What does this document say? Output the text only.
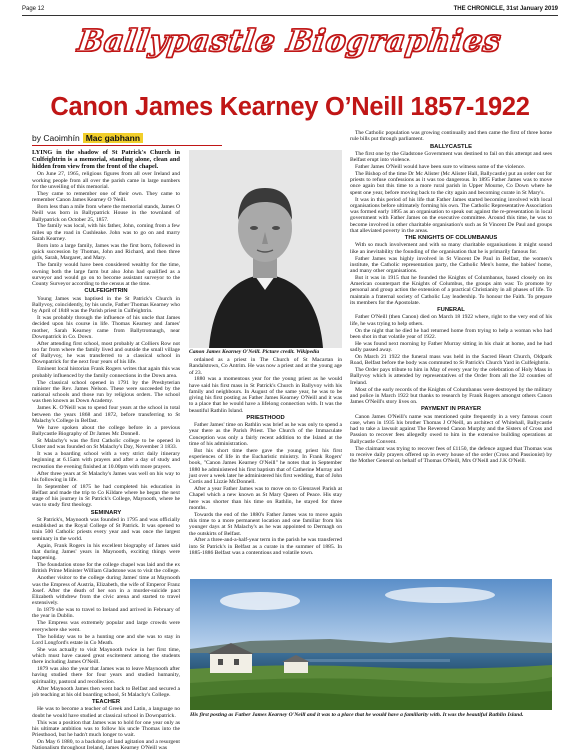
Page 12	THE CHRONICLE, 31st January 2019
Ballypastle Biographies
Canon James Kearney O’Neill 1857-1922
by Caoimhín Mac gabhann

LYING in the shadow of St Patrick's Church in Culfeightrin is a memorial, standing alone, clean and hidden from view from the front of the chapel.

On June 27, 1965, religious figures from all over Ireland and working people from all over the parish came in large numbers for the unveiling of this memorial.

They came to remember one of their own. They came to remember Canon James Kearney O 'Neill.

Born less than a mile from where the memorial stands, James O Neill was born in Ballypatrick House in the townland of Ballypatrick on October 25, 1857.

The family was local, with his father, John, coming from a few miles up the road in Cushleake. John was to go on and marry Sarah Kearney.

Born into a large family, James was the first born, followed in quick succession by Thomas, John and Richard, and then three girls, Sarah, Margaret, and Mary.

The family would have been considered wealthy for the time, owning both the large farm but also John had qualified as a surveyor and would go on to become assistant surveyor to the County Surveyor according to the census at the time.

CULFEIGHTRIN

Young James was baptised in the St Patrick's Church in Ballyvoy, coincidently, by his uncle, Father Thomas Kearney who by April of 1848 was the Parish priest in Culfeightrin.

It was probably through the influence of his uncle that James decided upon his course in life. Thomas Kearney and James' mother, Sarah Kearney came from Ballytromaugh, near Downpatrick in Co. Down.

After attending first school, most probably at Colliers Row not too far from where the family lived and outside the small village of Ballyvoy, he was transferred to a classical school in Downpatrick for the next four years of his life.

Eminent local historian Frank Rogers writes that again this was probably influenced by the family connections in the Down area.

The classical school opened in 1791 by the Presbyterian minister the Rev. James Nelson. These were succeeded by the national schools and those run by religious orders. The school was then known as Down Academy.

James K. O'Neill was to spend four years at the school in total between the years 1868 and 1872, before transferring to St Malachy's College in Belfast.

We have spoken about the college before in a previous Ballycastle Biography of Dr James Mc Donnell.

St Malachy's was the first Catholic college to be opened in Ulster and was founded on St Malachy's Day, November 3 1833.

It was a boarding school with a very strict daily itinerary beginning at 6.15am with prayers and after a day of study and recreation the evening finished at 10.00pm with more prayers.

After three years at St Malachy's James was well on his way to his following in life.

In September of 1875 he had completed his education in Belfast and made the trip to Co Kildare where he began the next stage of his journey in St Patrick's College, Maynooth, where he was to study first theology.

SEMINARY

St Patrick's, Maynooth was founded in 1795 and was officially established as the Royal College of St Patrick. It was opened to train 500 Catholic priests every year and was once the largest seminary in the world.

Again, Frank Rogers in his excellent biography of James said that during James' years in Maynooth, exciting things were happening.

The foundation stone for the college chapel was laid and the ex British Prime Minister William Gladstone was to visit the college.

Another visitor to the college during James' time at Maynooth was the Empress of Austria, Elizabeth, the wife of Emperor Franz Josef. After the death of her son in a murder-suicide pact Elizabeth withdrew from the civic arena and started to travel extensively.

In 1879 she was to travel to Ireland and arrived in February of the year in Dublin.

The Empress was extremely popular and large crowds were everywhere she went.

The holiday was to be a hunting one and she was to stay in Lord Longford's estate in Co Meath.

She was actually to visit Maynooth twice in her first time, which must have caused great excitement among the students there including James O'Neill.

1879 was also the year that James was to leave Maynooth after having studied there for four years and studied humanity, spirituality, pastoral and recollection.

After Maynooth James then went back to Belfast and secured a job teaching at his old boarding school, St Malachy's College.

TEACHER

He was to become a teacher of Greek and Latin, a language no doubt he would have studied at classical school in Downpatrick.

This was a position that James was to hold for one year only as his ultimate ambition was to follow his uncle Thomas into the Priesthood, but he hadn't much longer to wait.

On May 6 1880, to a backdrop of land agitation and a resurgent Nationalism throughout Ireland, James Kearney O'Neill was

Canon James Kearney O'Neill. Picture credit. Wikipedia

ordained as a priest in The Church of St Macartan in Randalstown, Co Antrim. He was now a priest and at the young age of 23.

1880 was a momentous year for the young priest as he would have said his first mass in St Patrick's Church in Ballyvoy with his family and neighbours. In August of the same year, he was to be giving his first posting as Father James Kearney O'Neill and it was to a place that he would have a lifelong connection with. It was the beautiful Rathlin Island.

PRIESTHOOD

Father James' time on Rathlin was brief as he was only to spend a year there as the Parish Priest. The Church of the Immaculate Conception was only a fairly recent addition to the Island at the time of his administration.

But his short time there gave the young priest his first experiences of life in the Eucharistic ministry. In Frank Rogers' book, "Canon James Kearney O'Neill" he notes that in September 1880 he administered his first baptism that of Catherine Murray and just over a week later he administered his first wedding, that of John Cortis and Lizzie McDonnell.

After a year Father James was to move on to Glenravel Parish at Chapel which a new known as St Mary Queen of Peace. His stay here was shorter than his time on Rathlin, he stayed for three months.

Towards the end of the 1880's Father James was to move again this time to a more permanent location and one familiar from his younger days at St Malachy's as he was appointed to Dermagh on the outskirts of Belfast.

After a three-and-a-half-year term in the parish he was transferred into St Patrick's in Belfast as a curate in the summer of 1885. In 1885-1886 Belfast was a contentious and volatile town.

The Catholic population was growing continually and then came the first of three home rule bills put through parliament.

BALLYCASTLE

The first one by the Gladstone Government was destined to fail on this attempt and sees Belfast erupt into violence.

Father James O'Neill would have been sure to witness some of the violence.

The Bishop of the time Dr Mc Alister (Mc Alister Hall, Ballycastle) put an order out for priests to refuse confessions as it was too dangerous. In 1895 Father James was to move once again but this time to a more rural parish in Upper Mourne, Co Down where he spent one year, before moving back to the city again and becoming curate in St Mary's.

It was in this period of his life that Father James started becoming involved with local organisations before ultimately forming his own. The Catholic Representative Association was formed early 1895 as an organisation to speak out against the re-presentation in local government with Father James on the executive committee. Around this time, he was to become involved in other charitable organisation's such as St Vincent De Paul and groups that alleviated poverty in the areas.

THE KNIGHTS OF COLUMBANUS

With so much involvement and with so many charitable organisations it might sound like an inevitability the founding of the organisation that he is primarily famous for.

Father James was highly involved in St Vincent De Paul in Belfast, the women's institute, the Catholic representation party, the Catholic Men's home, the babies' home, and many other organisations.

But it was in 1915 that he founded the Knights of Columbanus, based closely on its American counterpart the Knights of Columbus, the groups aim was: To promote by personal and group action the extension of a practical Christianity in all phases of life. To maintain a fraternal society of Catholic Lay leadership. To honour the Faith. To prepare its members for the Apostolate.

FUNERAL

Father O'Neill (then Canon) died on March 18 1922 where, right to the very end of his life, he was trying to help others.

On the night that he died he had returned home from trying to help a woman who had been shot in that volatile year of 1922.

He was found next morning by Father Murray sitting in his chair at home, and he had sadly passed away.

On March 21 1922 the funeral mass was held in the Sacred Heart Church, Oldpark Road, Belfast before the body was commuted to St Patrick's Church Yard in Culfeightrin.

The Order pays tribute to him in May of every year by the celebration of Holy Mass in Ballyvoy which is attended by representatives of the Order from all the 32 counties of Ireland.

Most of the early records of the Knights of Columbanus were destroyed by the military and police in March 1922 but thanks to research by Frank Rogers amongst others Canon James O'Neill's story lives on.

PAYMENT IN PRAYER

Canon James O'Neill's name was mentioned quite frequently in a very famous court case, when in 1935 his brother Thomas J O'Neill, an architect of Whitehall, Ballycastle had to take a lawsuit against The Reverend Canon Murphy and the Sisters of Cross and Passion to recover fees allegedly owed to him in the extensive building operations at Ballycastle Convent.

The claimant was trying to recover fees of £1150, the defence argued that Thomas was to receive daily prayers offered up in every house of the order (Cross and Passionist) by the Mother General on behalf of Thomas O'Neill, Mrs O'Neill and J.K O'Neill.

His first posting as Father James Kearney O'Neill and it was to a place that he would have a familiarity with. It was the beautiful Rathlin Island.
